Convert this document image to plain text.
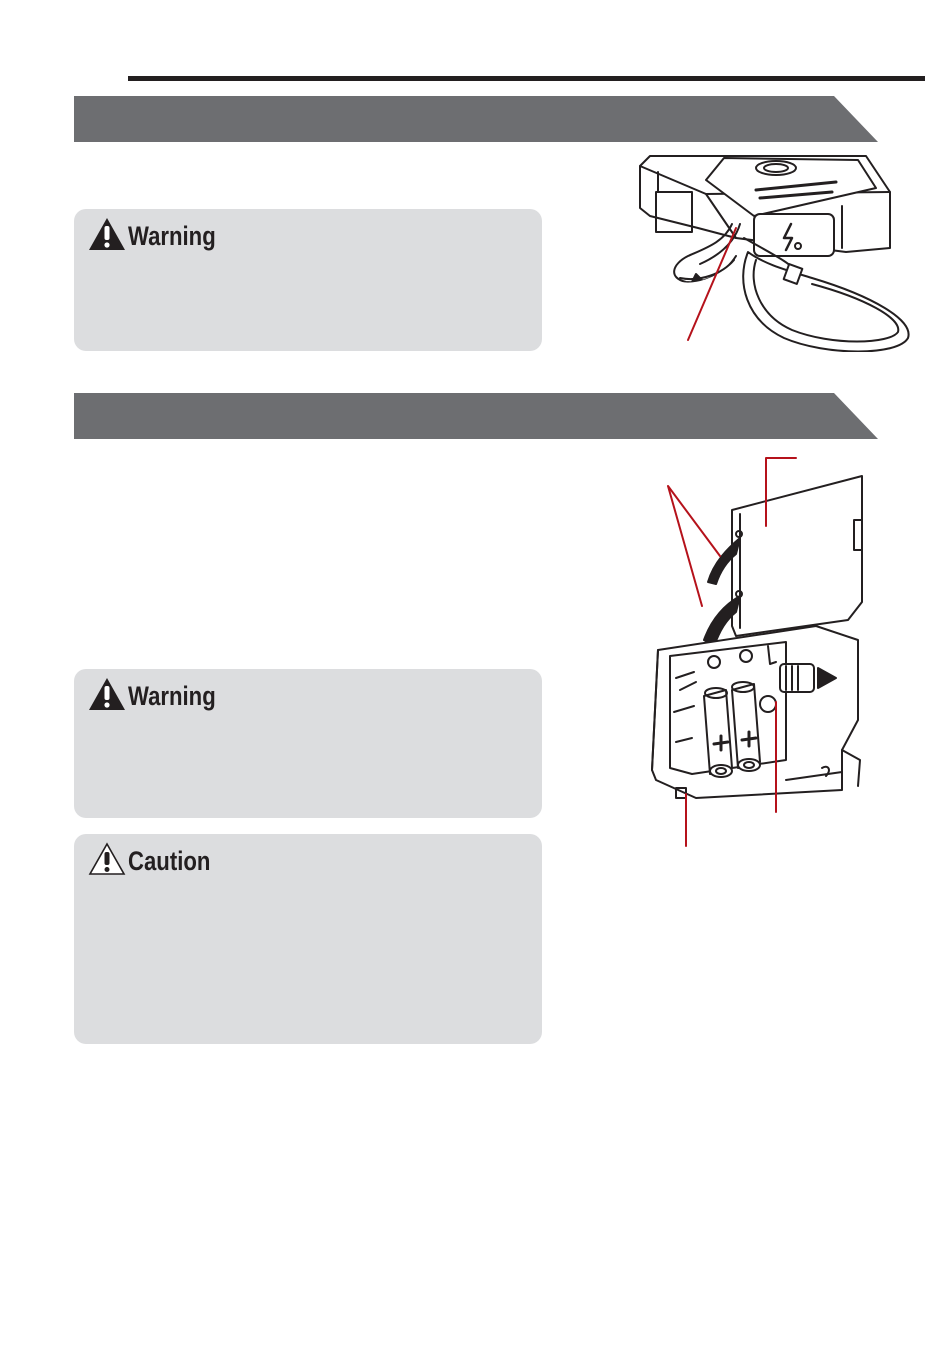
Warning
Warning
Caution
